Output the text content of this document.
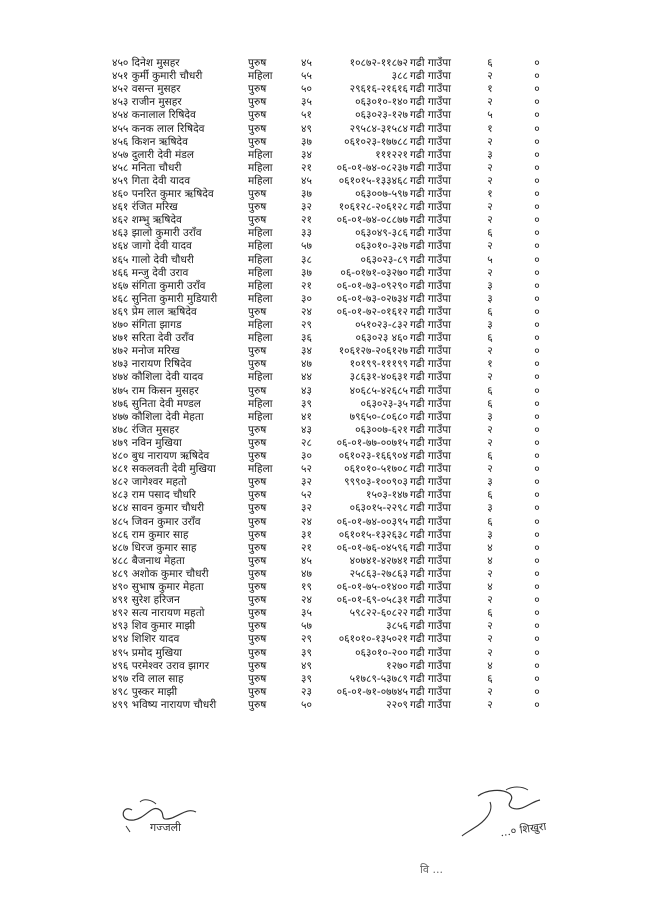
४५० दिनेश मुसहर	पुरुष	४५	१०८७२-११८७२ गढी गाउँपा	६	०
४५१ कुर्मी कुमारी चौधरी	महिला	५५	३८८ गढी गाउँपा	२	०
४५२ वसन्त मुसहर	पुरुष	५०	२९६१६-२१६१६ गढी गाउँपा	१	०
४५३ राजीन मुसहर	पुरुष	३५	०६३०१०-१४० गढी गाउँपा	२	०
४५४ कनालाल रिषिदेव	पुरुष	५१	०६३०२३-१२७ गढी गाउँपा	५	०
४५५ कनक लाल रिषिदेव	पुरुष	४९	२९५८४-३१५८४ गढी गाउँपा	१	०
४५६ किशन ऋषिदेव	पुरुष	३७	०६१०२३-१७७८८ गढी गाउँपा	२	०
४५७ दुलारी देवी मंडल	महिला	३४	१११२२१ गढी गाउँपा	३	०
४५८ मनिता चौधरी	महिला	२१	०६-०१-७४-०८२३७ गढी गाउँपा	२	०
४५९ गिता देवी यादव	महिला	४५	०६१०१५-१३३४६८ गढी गाउँपा	२	०
४६० पनरित कुमार ऋषिदेव	पुरुष	३७	०६३००७-५९७ गढी गाउँपा	१	०
४६१ रंजित मरिख	पुरुष	३२	१०६१२८-२०६१२८ गढी गाउँपा	२	०
४६२ शम्भु ऋषिदेव	पुरुष	२१	०६-०१-७४-०८८७७ गढी गाउँपा	२	०
४६३ झालो कुमारी उराँव	महिला	३३	०६३०४९-३८६ गढी गाउँपा	६	०
४६४ जागो देवी यादव	महिला	५७	०६३०१०-३२७ गढी गाउँपा	२	०
४६५ गालो देवी चौधरी	महिला	३८	०६३०२३-८९ गढी गाउँपा	५	०
४६६ मन्जु देवी उराव	महिला	३७	०६-०१७१-०३२७० गढी गाउँपा	२	०
४६७ संगिता कुमारी उराँव	महिला	२१	०६-०१-७३-०९२९० गढी गाउँपा	३	०
४६८ सुनिता कुमारी मुडियारी	महिला	३०	०६-०१-७३-०२७३४ गढी गाउँपा	३	०
४६९ प्रेम लाल ऋषिदेव	पुरुष	२४	०६-०१-७२-०१६१२ गढी गाउँपा	६	०
४७० संगिता झागड	महिला	२९	०५१०२३-८३२ गढी गाउँपा	३	०
४७१ सरिता देवी उराँव	महिला	३६	०६३०२३ ४६० गढी गाउँपा	६	०
४७२ मनोज मरिख	पुरुष	३४	१०६१२७-२०६१२७ गढी गाउँपा	२	०
४७३ नारायण रिषिदेव	पुरुष	४७	१०१९९-१११९९ गढी गाउँपा	१	०
४७४ कौशिला देवी यादव	महिला	४४	३८६३१-४०६३१ गढी गाउँपा	२	०
४७५ राम किसन मुसहर	पुरुष	४३	४०६८५-४२६८५ गढी गाउँपा	६	०
४७६ सुनिता देवी मण्डल	महिला	३९	०६३०२३-३५ गढी गाउँपा	६	०
४७७ कौशिला देवी मेहता	महिला	४१	७९६५०-८०६८० गढी गाउँपा	३	०
४७८ रंजित मुसहर	पुरुष	४३	०६३००७-६२१ गढी गाउँपा	२	०
४७९ नविन मुखिया	पुरुष	२८	०६-०१-७७-००७१५ गढी गाउँपा	२	०
४८० बुध नारायण ऋषिदेव	पुरुष	३०	०६१०२३-१६६९०४ गढी गाउँपा	६	०
४८१ सकलवती देवी मुखिया	महिला	५२	०६१०१०-५१७०८ गढी गाउँपा	२	०
४८२ जागेश्वर महतो	पुरुष	३२	९९९०३-१००९०३ गढी गाउँपा	३	०
४८३ राम पसाद चौधरि	पुरुष	५२	१५०३-१४७ गढी गाउँपा	६	०
४८४ सावन कुमार चौधरी	पुरुष	३२	०६३०१५-२२९८ गढी गाउँपा	३	०
४८५ जिवन कुमार उराँव	पुरुष	२४	०६-०१-७४-००३९५ गढी गाउँपा	६	०
४८६ राम कुमार साह	पुरुष	३१	०६१०१५-१३२६३८ गढी गाउँपा	३	०
४८७ धिरज कुमार साह	पुरुष	२१	०६-०१-७६-०४५९६ गढी गाउँपा	४	०
४८८ बैजनाथ मेहता	पुरुष	४५	४०७४१-४२७४१ गढी गाउँपा	४	०
४८९ अशोक कुमार चौधरी	पुरुष	४७	२५८६३-२७८६३ गढी गाउँपा	२	०
४९० सुभाष कुमार मेहता	पुरुष	१९	०६-०१-७५-०१४०० गढी गाउँपा	४	०
४९१ सुरेश हरिजन	पुरुष	२४	०६-०१-६९-०५८३१ गढी गाउँपा	२	०
४९२ सत्य नारायण महतो	पुरुष	३५	५९८२२-६०८२२ गढी गाउँपा	६	०
४९३ शिव कुमार माझी	पुरुष	५७	३८५६ गढी गाउँपा	२	०
४९४ शिशिर यादव	पुरुष	२९	०६१०१०-१३५०२१ गढी गाउँपा	२	०
४९५ प्रमोद मुखिया	पुरुष	३९	०६३०१०-२०० गढी गाउँपा	२	०
४९६ परमेश्वर उराव झागर	पुरुष	४९	१२७० गढी गाउँपा	४	०
४९७ रवि लाल साह	पुरुष	३९	५१७८९-५३७८९ गढी गाउँपा	६	०
४९८ पुस्कर माझी	पुरुष	२३	०६-०१-७१-०७७४५ गढी गाउँपा	२	०
४९९ भविष्य नारायण चौधरी	पुरुष	५०	२२०९ गढी गाउँपा	२	०
गज्जली	...० शिखुरा
वि ...
